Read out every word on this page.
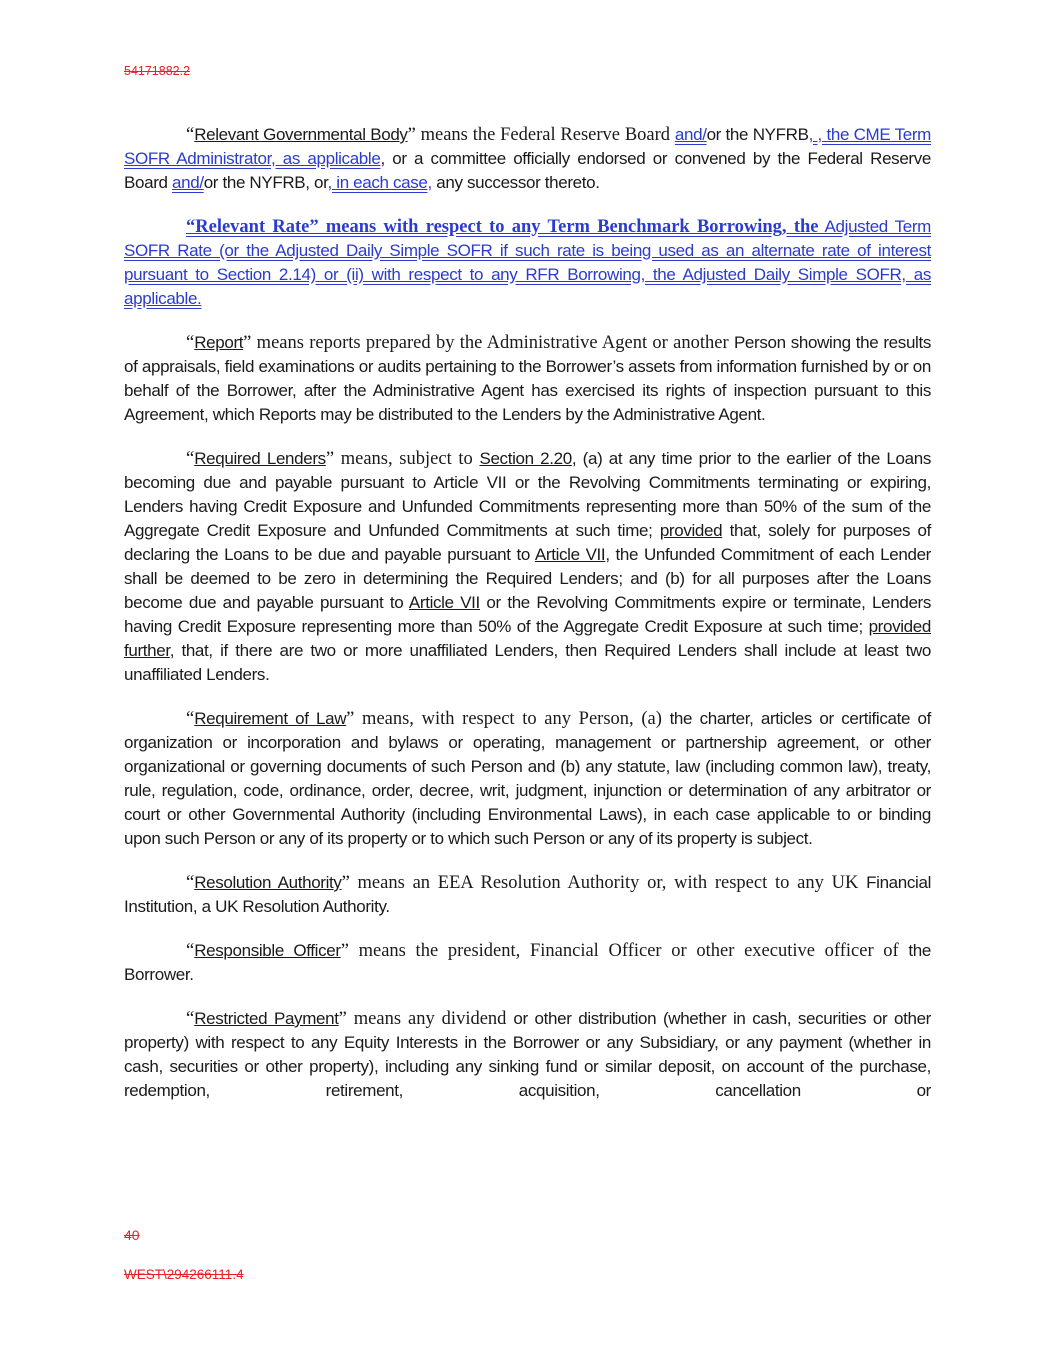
54171882.2

“Relevant Governmental Body” means the Federal Reserve Board and/or the NYFRB, , the CME Term SOFR Administrator, as applicable, or a committee officially endorsed or convened by the Federal Reserve Board and/or the NYFRB, or, in each case, any successor thereto.

“Relevant Rate” means with respect to any Term Benchmark Borrowing, the Adjusted Term SOFR Rate (or the Adjusted Daily Simple SOFR if such rate is being used as an alternate rate of interest pursuant to Section 2.14) or (ii) with respect to any RFR Borrowing, the Adjusted Daily Simple SOFR, as applicable.

“Report” means reports prepared by the Administrative Agent or another Person showing the results of appraisals, field examinations or audits pertaining to the Borrower’s assets from information furnished by or on behalf of the Borrower, after the Administrative Agent has exercised its rights of inspection pursuant to this Agreement, which Reports may be distributed to the Lenders by the Administrative Agent.

“Required Lenders” means, subject to Section 2.20, (a) at any time prior to the earlier of the Loans becoming due and payable pursuant to Article VII or the Revolving Commitments terminating or expiring, Lenders having Credit Exposure and Unfunded Commitments representing more than 50% of the sum of the Aggregate Credit Exposure and Unfunded Commitments at such time; provided that, solely for purposes of declaring the Loans to be due and payable pursuant to Article VII, the Unfunded Commitment of each Lender shall be deemed to be zero in determining the Required Lenders; and (b) for all purposes after the Loans become due and payable pursuant to Article VII or the Revolving Commitments expire or terminate, Lenders having Credit Exposure representing more than 50% of the Aggregate Credit Exposure at such time; provided further, that, if there are two or more unaffiliated Lenders, then Required Lenders shall include at least two unaffiliated Lenders.

“Requirement of Law” means, with respect to any Person, (a) the charter, articles or certificate of organization or incorporation and bylaws or operating, management or partnership agreement, or other organizational or governing documents of such Person and (b) any statute, law (including common law), treaty, rule, regulation, code, ordinance, order, decree, writ, judgment, injunction or determination of any arbitrator or court or other Governmental Authority (including Environmental Laws), in each case applicable to or binding upon such Person or any of its property or to which such Person or any of its property is subject.

“Resolution Authority” means an EEA Resolution Authority or, with respect to any UK Financial Institution, a UK Resolution Authority.

“Responsible Officer” means the president, Financial Officer or other executive officer of the Borrower.

“Restricted Payment” means any dividend or other distribution (whether in cash, securities or other property) with respect to any Equity Interests in the Borrower or any Subsidiary, or any payment (whether in cash, securities or other property), including any sinking fund or similar deposit, on account of the purchase, redemption, retirement, acquisition, cancellation or

40
WEST\294266111.4
